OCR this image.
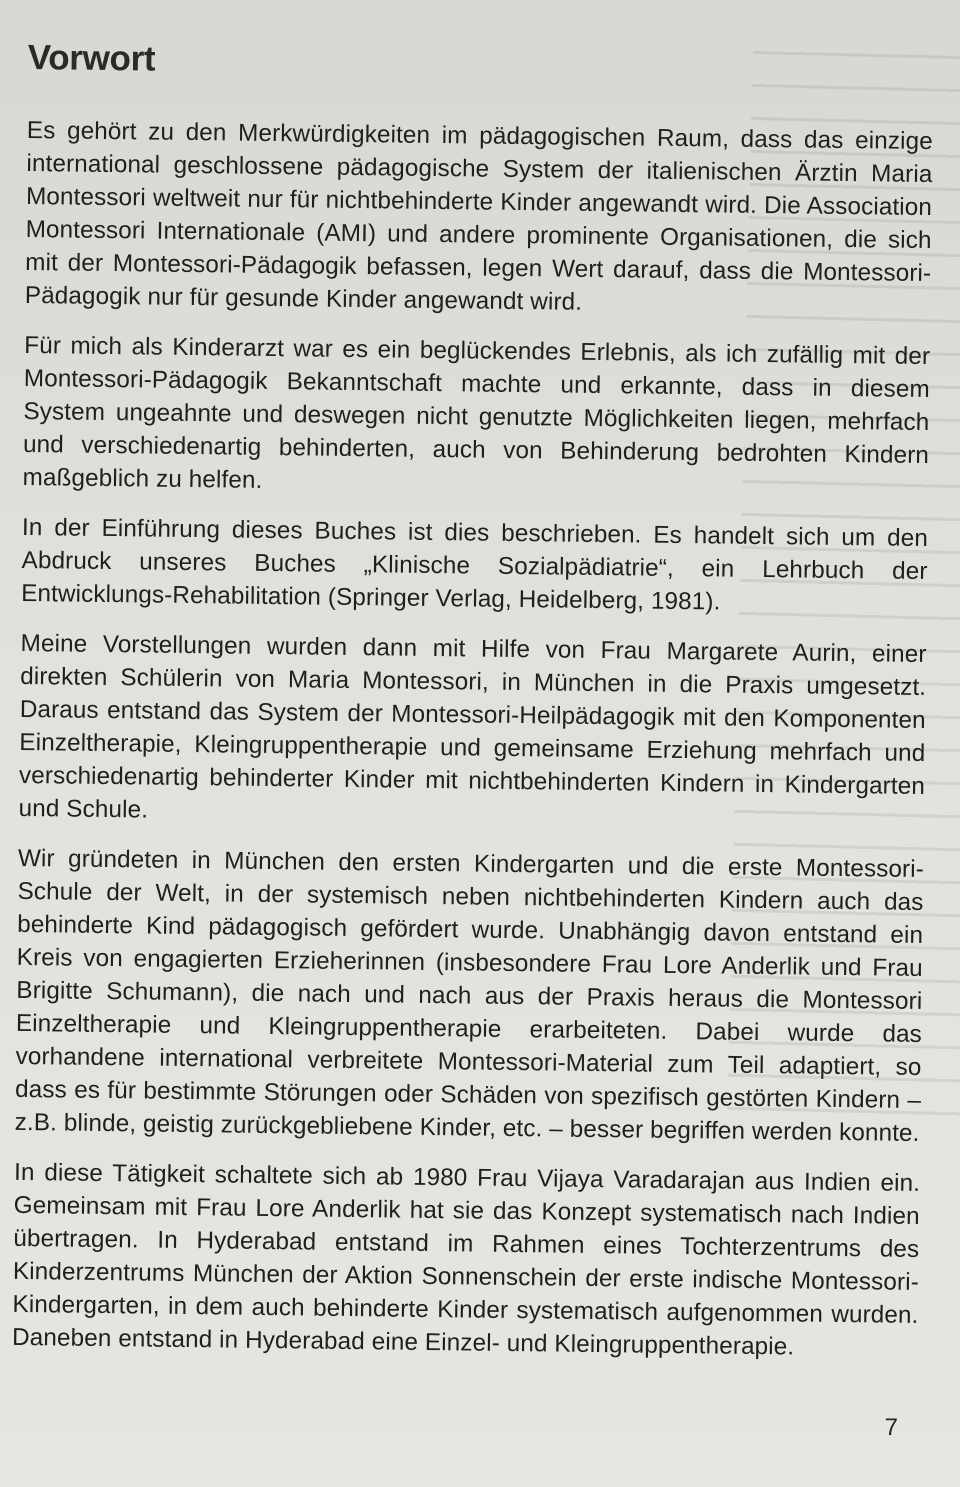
Vorwort

Es gehört zu den Merkwürdigkeiten im pädagogischen Raum, dass das einzige international geschlossene pädagogische System der italienischen Ärztin Maria Montessori weltweit nur für nichtbehinderte Kinder angewandt wird. Die Association Montessori Internationale (AMI) und andere prominente Organisationen, die sich mit der Montessori-Pädagogik befassen, legen Wert darauf, dass die Montessori-Pädagogik nur für gesunde Kinder angewandt wird.

Für mich als Kinderarzt war es ein beglückendes Erlebnis, als ich zufällig mit der Montessori-Pädagogik Bekanntschaft machte und erkannte, dass in diesem System ungeahnte und deswegen nicht genutzte Möglichkeiten liegen, mehrfach und verschiedenartig behinderten, auch von Behinderung bedrohten Kindern maßgeblich zu helfen.

In der Einführung dieses Buches ist dies beschrieben. Es handelt sich um den Abdruck unseres Buches „Klinische Sozialpädiatrie“, ein Lehrbuch der Entwicklungs-Rehabilitation (Springer Verlag, Heidelberg, 1981).

Meine Vorstellungen wurden dann mit Hilfe von Frau Margarete Aurin, einer direkten Schülerin von Maria Montessori, in München in die Praxis umgesetzt. Daraus entstand das System der Montessori-Heilpädagogik mit den Komponenten Einzeltherapie, Kleingruppentherapie und gemeinsame Erziehung mehrfach und verschiedenartig behinderter Kinder mit nichtbehinderten Kindern in Kindergarten und Schule.

Wir gründeten in München den ersten Kindergarten und die erste Montessori-Schule der Welt, in der systemisch neben nichtbehinderten Kindern auch das behinderte Kind pädagogisch gefördert wurde. Unabhängig davon entstand ein Kreis von engagierten Erzieherinnen (insbesondere Frau Lore Anderlik und Frau Brigitte Schumann), die nach und nach aus der Praxis heraus die Montessori Einzeltherapie und Kleingruppentherapie erarbeiteten. Dabei wurde das vorhandene international verbreitete Montessori-Material zum Teil adaptiert, so dass es für bestimmte Störungen oder Schäden von spezifisch gestörten Kindern – z.B. blinde, geistig zurückgebliebene Kinder, etc. – besser begriffen werden konnte.

In diese Tätigkeit schaltete sich ab 1980 Frau Vijaya Varadarajan aus Indien ein. Gemeinsam mit Frau Lore Anderlik hat sie das Konzept systematisch nach Indien übertragen. In Hyderabad entstand im Rahmen eines Tochterzentrums des Kinderzentrums München der Aktion Sonnenschein der erste indische Montessori-Kindergarten, in dem auch behinderte Kinder systematisch aufgenommen wurden. Daneben entstand in Hyderabad eine Einzel- und Kleingruppentherapie.

7
